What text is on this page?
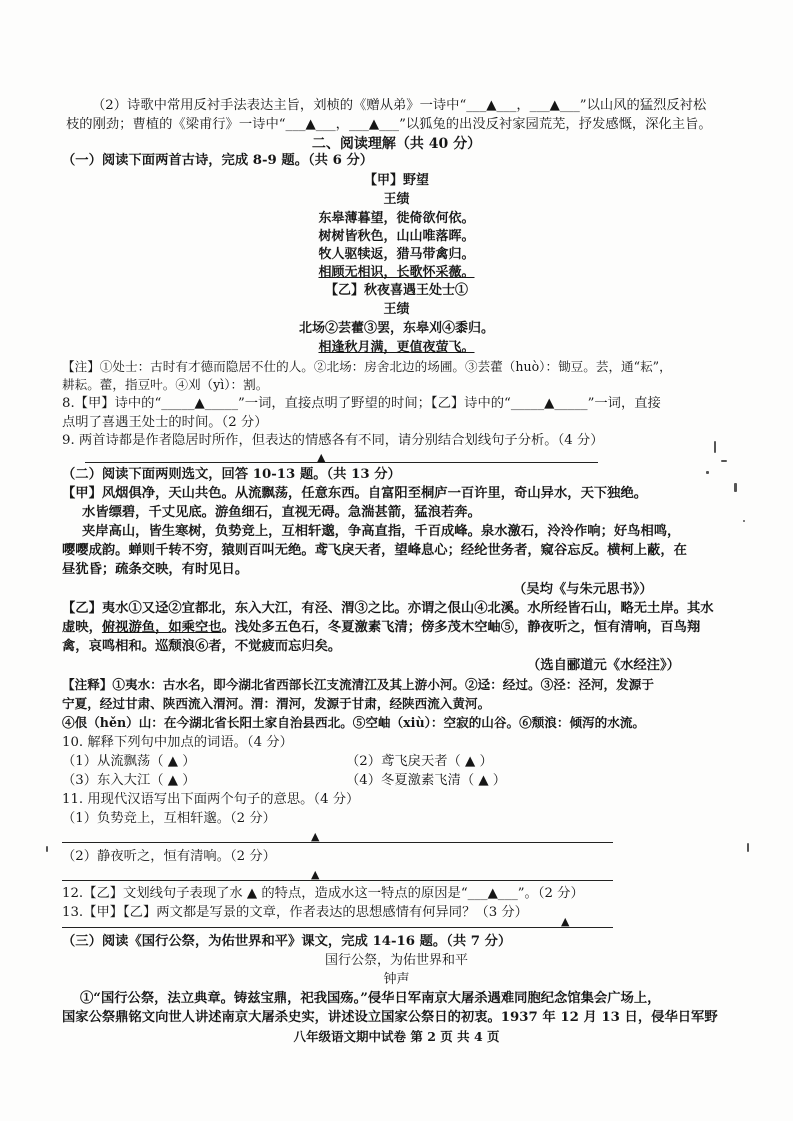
（2）诗歌中常用反衬手法表达主旨，刘桢的《赠从弟》一诗中“___▲___，___▲___”以山风的猛烈反衬松
枝的刚劲；曹植的《梁甫行》一诗中“___▲___，___▲___”以狐兔的出没反衬家园荒芜，抒发感慨，深化主旨。
二、阅读理解（共 40 分）
（一）阅读下面两首古诗，完成 8-9 题。（共 6 分）
【甲】野望
王绩
东皋薄暮望，徙倚欲何依。
树树皆秋色，山山唯落晖。
牧人驱犊返，猎马带禽归。
相顾无相识，长歌怀采薇。
【乙】秋夜喜遇王处士①
王绩
北场②芸藿③罢，东皋刈④黍归。
相逢秋月满，更值夜萤飞。
【注】①处士：古时有才德而隐居不仕的人。②北场：房舍北边的场圃。③芸藿（huò）：锄豆。芸，通“耘”，
耕耘。藿，指豆叶。④刈（yì）：割。
8.【甲】诗中的“_____▲_____”一词，直接点明了野望的时间；【乙】诗中的“_____▲_____”一词，直接
点明了喜遇王处士的时间。（2 分）
9. 两首诗都是作者隐居时所作，但表达的情感各有不同，请分别结合划线句子分析。（4 分）
▲
（二）阅读下面两则选文，回答 10-13 题。（共 13 分）
【甲】风烟俱净，天山共色。从流飘荡，任意东西。自富阳至桐庐一百许里，奇山异水，天下独绝。
水皆缥碧，千丈见底。游鱼细石，直视无碍。急湍甚箭，猛浪若奔。
夹岸高山，皆生寒树，负势竞上，互相轩邈，争高直指，千百成峰。泉水激石，泠泠作响；好鸟相鸣，
嘤嘤成韵。蝉则千转不穷，猿则百叫无绝。鸢飞戾天者，望峰息心；经纶世务者，窥谷忘反。横柯上蔽，在
昼犹昏；疏条交映，有时见日。
（吴均《与朱元思书》）
【乙】夷水①又迳②宜都北，东入大江，有泾、渭③之比。亦谓之佷山④北溪。水所经皆石山，略无土岸。其水
虚映，俯视游鱼，如乘空也。浅处多五色石，冬夏激素飞清；傍多茂木空岫⑤，静夜听之，恒有清响，百鸟翔
禽，哀鸣相和。巡颓浪⑥者，不觉疲而忘归矣。
（选自郦道元《水经注》）
【注释】①夷水：古水名，即今湖北省西部长江支流清江及其上游小河。②迳：经过。③泾：泾河，发源于
宁夏，经过甘肃、陕西流入渭河。渭：渭河，发源于甘肃，经陕西流入黄河。
④佷（hěn）山：在今湖北省长阳土家自治县西北。⑤空岫（xiù）：空寂的山谷。⑥颓浪：倾泻的水流。
10. 解释下列句中加点的词语。（4 分）
（1）从流飘荡（ ▲ ）	（2）鸢飞戾天者（ ▲ ）
（3）东入大江（ ▲ ）	（4）冬夏激素飞清（ ▲ ）
11. 用现代汉语写出下面两个句子的意思。（4 分）
（1）负势竞上，互相轩邈。（2 分）
▲
（2）静夜听之，恒有清响。（2 分）
▲
12.【乙】文划线句子表现了水 ▲ 的特点，造成水这一特点的原因是“___▲___”。（2 分）
13.【甲】【乙】两文都是写景的文章，作者表达的思想感情有何异同？（3 分）
▲
（三）阅读《国行公祭，为佑世界和平》课文，完成 14-16 题。（共 7 分）
国行公祭，为佑世界和平
钟声
①“国行公祭，法立典章。铸兹宝鼎，祀我国殇。”侵华日军南京大屠杀遇难同胞纪念馆集会广场上，
国家公祭鼎铭文向世人讲述南京大屠杀史实，讲述设立国家公祭日的初衷。1937 年 12 月 13 日，侵华日军野
八年级语文期中试卷 第 2 页 共 4 页
